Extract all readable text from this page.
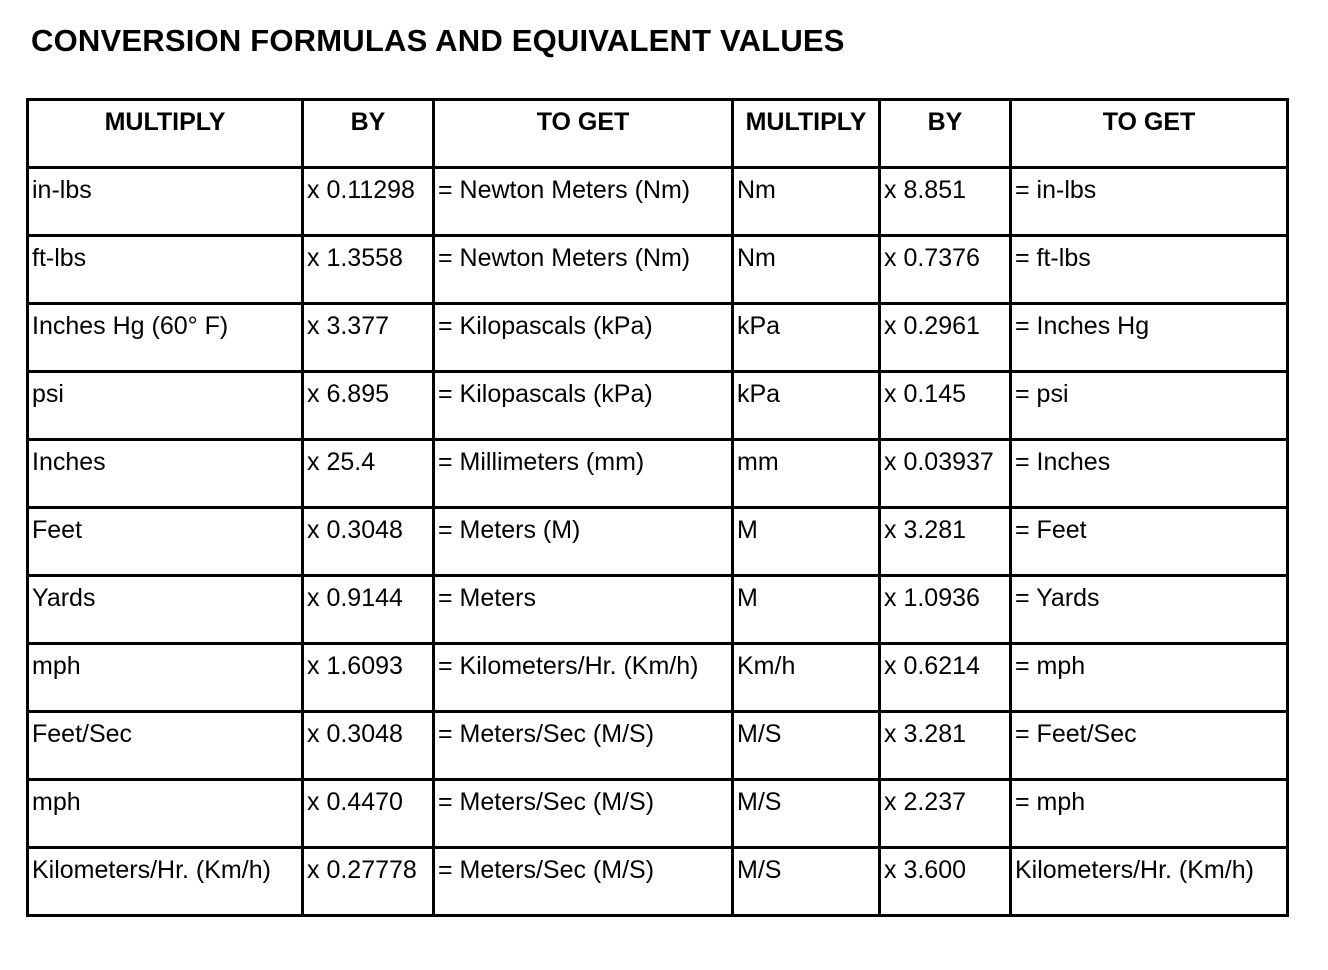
CONVERSION FORMULAS AND EQUIVALENT VALUES
MULTIPLY	BY	TO GET	MULTIPLY	BY	TO GET
in-lbs	x 0.11298	= Newton Meters (Nm)	Nm	x 8.851	= in-lbs
ft-lbs	x 1.3558	= Newton Meters (Nm)	Nm	x 0.7376	= ft-lbs
Inches Hg (60° F)	x 3.377	= Kilopascals (kPa)	kPa	x 0.2961	= Inches Hg
psi	x 6.895	= Kilopascals (kPa)	kPa	x 0.145	= psi
Inches	x 25.4	= Millimeters (mm)	mm	x 0.03937	= Inches
Feet	x 0.3048	= Meters (M)	M	x 3.281	= Feet
Yards	x 0.9144	= Meters	M	x 1.0936	= Yards
mph	x 1.6093	= Kilometers/Hr. (Km/h)	Km/h	x 0.6214	= mph
Feet/Sec	x 0.3048	= Meters/Sec (M/S)	M/S	x 3.281	= Feet/Sec
mph	x 0.4470	= Meters/Sec (M/S)	M/S	x 2.237	= mph
Kilometers/Hr. (Km/h)	x 0.27778	= Meters/Sec (M/S)	M/S	x 3.600	Kilometers/Hr. (Km/h)
